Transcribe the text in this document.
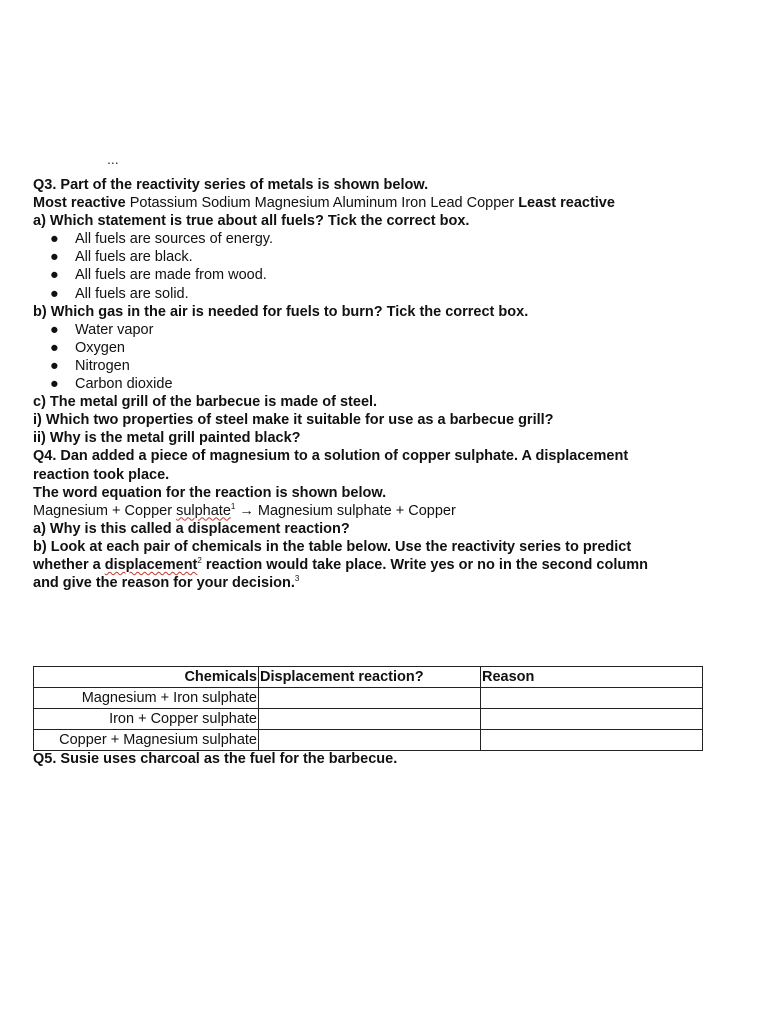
...
Q3. Part of the reactivity series of metals is shown below.
Most reactive Potassium Sodium Magnesium Aluminum Iron Lead Copper Least reactive
a) Which statement is true about all fuels? Tick the correct box.
● All fuels are sources of energy.
● All fuels are black.
● All fuels are made from wood.
● All fuels are solid.
b) Which gas in the air is needed for fuels to burn? Tick the correct box.
● Water vapor
● Oxygen
● Nitrogen
● Carbon dioxide
c) The metal grill of the barbecue is made of steel.
i) Which two properties of steel make it suitable for use as a barbecue grill?
ii) Why is the metal grill painted black?
Q4. Dan added a piece of magnesium to a solution of copper sulphate. A displacement
reaction took place.
The word equation for the reaction is shown below.
Magnesium + Copper sulphate$^1$ → Magnesium sulphate + Copper
a) Why is this called a displacement reaction?
b) Look at each pair of chemicals in the table below. Use the reactivity series to predict
whether a displacement$^2$ reaction would take place. Write yes or no in the second column
and give the reason for your decision.$^3$
Chemicals	Displacement reaction?	Reason
Magnesium + Iron sulphate		
Iron + Copper sulphate		
Copper + Magnesium sulphate		
Q5. Susie uses charcoal as the fuel for the barbecue.
